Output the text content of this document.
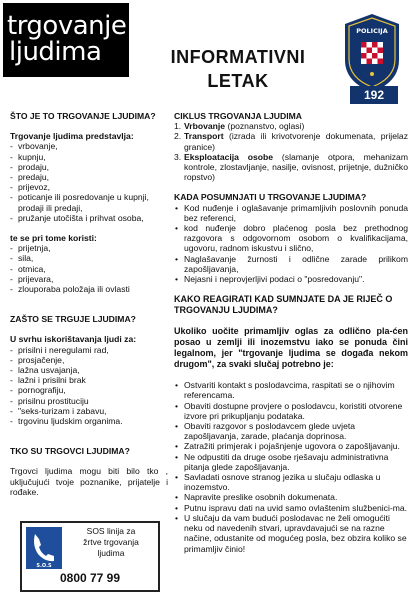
trgovanje
ljudima	INFORMATIVNI
LETAK
POLICIJA
192
ŠTO JE TO TRGOVANJE LJUDIMA?
Trgovanje ljudima predstavlja:
- vrbovanje,
- kupnju,
- prodaju,
- predaju,
- prijevoz,
- poticanje ili posredovanje u kupnji, prodaji ili predaji,
- pružanje utočišta i prihvat osoba,
te se pri tome koristi:
- prijetnja,
- sila,
- otmica,
- prijevara,
- zlouporaba položaja ili ovlasti
ZAŠTO SE TRGUJE LJUDIMA?
U svrhu iskorištavanja ljudi za:
- prisilni i neregulami rad,
- prosjačenje,
- lažna usvajanja,
- lažni i prisilni brak
- pornografiju,
- prisilnu prostituciju
- "seks-turizam i zabavu,
- trgovinu ljudskim organima.
TKO SU TRGOVCI LJUDIMA?

Trgovci ljudima mogu biti bilo tko , uključujući tvoje poznanike, prijatelje i rođake.

S.O.S
SOS linija za
žrtve trgovanja
ljudima
0800 77 99
CIKLUS TRGOVANJA LJUDIMA
1. Vrbovanje (poznanstvo, oglasi)
2. Transport (izrada ili krivotvorenje dokumenata, prijelaz granice)
3. Eksploatacija osobe (slamanje otpora, mehanizam kontrole, zlostavljanje, nasilje, ovisnost, prijetnje, dužničko ropstvo)
KADA POSUMNJATI U TRGOVANJE LJUDIMA?
• Kod nuđenje i oglašavanje primamljivih poslovnih ponuda bez referenci,
• kod nuđenje dobro plaćenog posla bez prethodnog razgovora s odgovornom osobom o kvalifikacijama, ugovoru, radnom iskustvu i slično,
• Naglašavanje žurnosti i odlične zarade prilikom zapošljavanja,
• Nejasni i neprovjerljivi podaci o "posredovanju".
KAKO REAGIRATI KAD SUMNJATE DA JE RIJEČ O TRGOVANJU LJUDIMA?

Ukoliko uočite primamljiv oglas za odlično pla-ćen posao u zemlji ili inozemstvu iako se ponuda čini legalnom, jer "trgovanje ljudima se događa nekom drugom", za svaki slučaj potrebno je:

• Ostvariti kontakt s poslodavcima, raspitati se o njihovim referencama.
• Obaviti dostupne provjere o poslodavcu, koristiti otvorene izvore pri prikupljanju podataka.
• Obaviti razgovor s poslodavcem glede uvjeta zapošljavanja, zarade, plaćanja doprinosa.
• Zatražiti primjerak i pojašnjenje ugovora o zapošljavanju.
• Ne odpustiti da druge osobe rješavaju administrativna pitanja glede zapošljavanja.
• Savladati osnove stranog jezika u slučaju odlaska u inozemstvo.
• Napravite preslike osobnih dokumenata.
• Putnu ispravu dati na uvid samo ovlaštenim službenici-ma.
• U slučaju da vam budući poslodavac ne želi omogućiti neku od navedenih stvari, upravdavajući se na razne načine, odustanite od mogućeg posla, bez obzira koliko se primamljiv činio!
